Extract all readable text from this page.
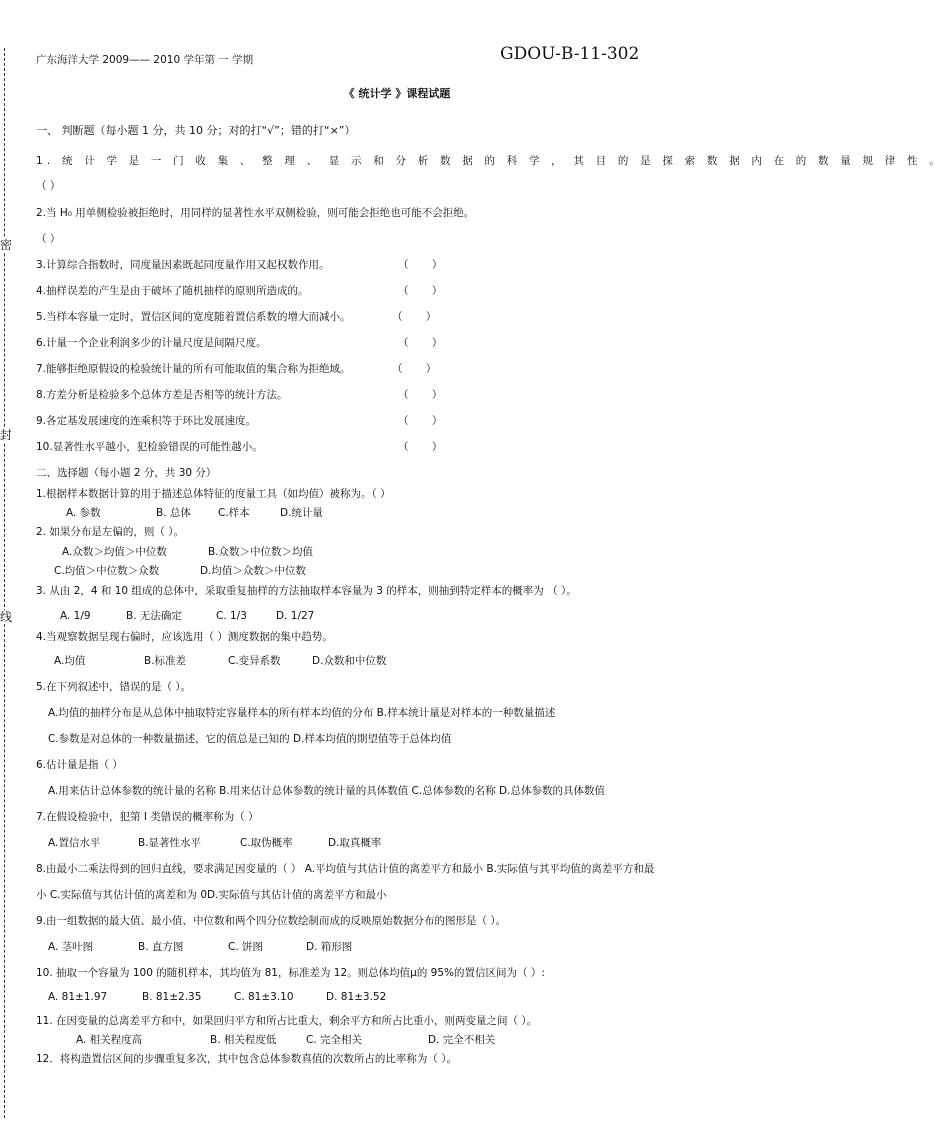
密
封
线
广东海洋大学 2009—— 2010 学年第 一 学期	GDOU-B-11-302
《 统计学 》课程试题
一、 判断题（每小题 1 分，共 10 分；对的打“√”；错的打“×”）
1. 统 计 学 是 一 门 收 集 、 整 理 、 显 示 和 分 析 数 据 的 科 学 ， 其 目 的 是 探 索 数 据 内 在 的 数 量 规 律 性 。
（ ）
2.当 H₀ 用单侧检验被拒绝时，用同样的显著性水平双侧检验，则可能会拒绝也可能不会拒绝。
（ ）
3.计算综合指数时，同度量因素既起同度量作用又起权数作用。	（       ）
4.抽样误差的产生是由于破坏了随机抽样的原则所造成的。	（       ）
5.当样本容量一定时，置信区间的宽度随着置信系数的增大而减小。	（       ）
6.计量一个企业利润多少的计量尺度是间隔尺度。	（       ）
7.能够拒绝原假设的检验统计量的所有可能取值的集合称为拒绝域。	（       ）
8.方差分析是检验多个总体方差是否相等的统计方法。	（       ）
9.各定基发展速度的连乘积等于环比发展速度。	（       ）
10.显著性水平越小，犯检验错误的可能性越小。	（       ）
二、选择题（每小题 2 分，共 30 分）
1.根据样本数据计算的用于描述总体特征的度量工具（如均值）被称为。（ ）
A. 参数	B. 总体	C.样本	D.统计量
2. 如果分布是左偏的，则（ ）。
A.众数＞均值＞中位数	B.众数＞中位数＞均值
C.均值＞中位数＞众数	D.均值＞众数＞中位数
3. 从由 2，4 和 10 组成的总体中，采取重复抽样的方法抽取样本容量为 3 的样本，则抽到特定样本的概率为 （ ）。
A. 1/9	B. 无法确定	C. 1/3	D. 1/27
4.当观察数据呈现右偏时，应该选用（ ）测度数据的集中趋势。
A.均值	B.标准差	C.变异系数	D.众数和中位数
5.在下列叙述中，错误的是（ ）。
A.均值的抽样分布是从总体中抽取特定容量样本的所有样本均值的分布 B.样本统计量是对样本的一种数量描述
C.参数是对总体的一种数量描述，它的值总是已知的 D.样本均值的期望值等于总体均值
6.估计量是指（ ）
A.用来估计总体参数的统计量的名称 B.用来估计总体参数的统计量的具体数值 C.总体参数的名称 D.总体参数的具体数值
7.在假设检验中，犯第 I 类错误的概率称为（ ）
A.置信水平	B.显著性水平	C.取伪概率	D.取真概率
8.由最小二乘法得到的回归直线，要求满足因变量的（ ） A.平均值与其估计值的离差平方和最小 B.实际值与其平均值的离差平方和最
小 C.实际值与其估计值的离差和为 0D.实际值与其估计值的离差平方和最小
9.由一组数据的最大值、最小值、中位数和两个四分位数绘制而成的反映原始数据分布的图形是（ ）。
A. 茎叶图	B. 直方图	C. 饼图	D. 箱形图
10. 抽取一个容量为 100 的随机样本，其均值为 81，标准差为 12。则总体均值μ的 95%的置信区间为（ ）:
A. 81±1.97	B. 81±2.35	C. 81±3.10	D. 81±3.52
11. 在因变量的总离差平方和中，如果回归平方和所占比重大，剩余平方和所占比重小，则两变量之间（ ）。
A. 相关程度高	B. 相关程度低	C. 完全相关	D. 完全不相关
12．将构造置信区间的步骤重复多次，其中包含总体参数真值的次数所占的比率称为（ ）。
